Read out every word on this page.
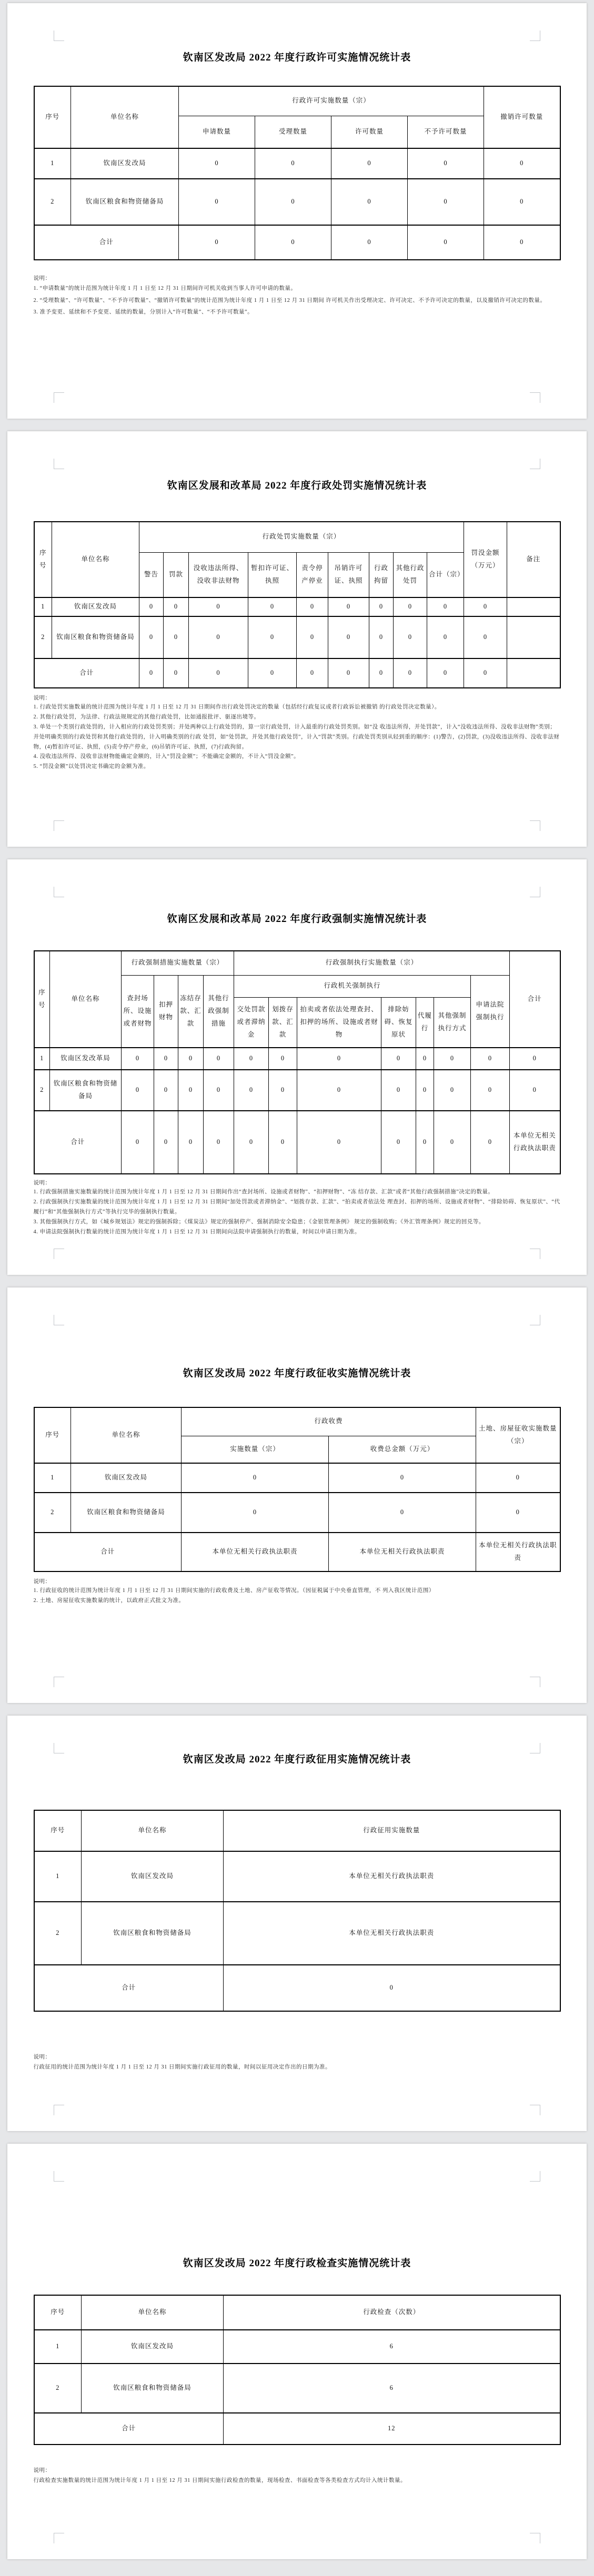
钦南区发改局 2022 年度行政许可实施情况统计表
序号	单位名称	行政许可实施数量（宗）				撤销许可数量
		申请数量	受理数量	许可数量	不予许可数量	
1	钦南区发改局	0	0	0	0	0
2	钦南区粮食和物资储备局	0	0	0	0	0
合计		0	0	0	0	0
说明：
1. “申请数量”的统计范围为统计年度 1 月 1 日至 12 月 31 日期间许可机关收到当事人许可申请的数量。
2. “受理数量”、“许可数量”、“不予许可数量”、“撤销许可数量”的统计范围为统计年度 1 月 1 日至 12 月 31 日期间 许可机关作出受理决定、许可决定、不予许可决定的数量，以及撤销许可决定的数量。
3. 准予变更、延续和不予变更、延续的数量，分别计入“许可数量”、“不予许可数量”。
钦南区发展和改革局 2022 年度行政处罚实施情况统计表
序号	单位名称	行政处罚实施数量（宗）									罚没金额（万元）	备注
		警告	罚款	没收违法所得、没收非法财物	暂扣许可证、执照	责令停产停业	吊销许可证、执照	行政拘留	其他行政处罚	合计（宗）		
1	钦南区发改局	0	0	0	0	0	0	0	0	0	0	
2	钦南区粮食和物资储备局	0	0	0	0	0	0	0	0	0	0	
合计		0	0	0	0	0	0	0	0	0	0	
说明：
1. 行政处罚实施数量的统计范围为统计年度 1 月 1 日至 12 月 31 日期间作出行政处罚决定的数量（包括经行政复议或者行政诉讼被撤销 的行政处罚决定数量）。
2. 其他行政处罚，为法律、行政法规规定的其他行政处罚，比如通报批评、驱逐出境等。
3. 单处一个类别行政处罚的，计入相应的行政处罚类别；并处两种以上行政处罚的，算一宗行政处罚，计入最重的行政处罚类别。如“没 收违法所得，并处罚款”，计入“没收违法所得、没收非法财物”类别；并处明确类别的行政处罚和其他行政处罚的，计入明确类别的行政 处罚，如“处罚款，并处其他行政处罚”，计入“罚款”类别。行政处罚类别从轻到重的顺序：(1)警告，(2)罚款，(3)没收违法所得、没收非法财物，(4)暂扣许可证、执照，(5)责令停产停业，(6)吊销许可证、执照，(7)行政拘留。
4. 没收违法所得、没收非法财物能确定金额的，计入“罚没金额”；不能确定金额的，不计入“罚没金额”。
5. “罚没金额”以处罚决定书确定的金额为准。
钦南区发展和改革局 2022 年度行政强制实施情况统计表
序号	单位名称	行政强制措施实施数量（宗）				行政强制执行实施数量（宗）							合计
		查封场所、设施或者财物	扣押财物	冻结存款、汇款	其他行政强制措施	行政机关强制执行						申请法院强制执行	
						交处罚款或者滞纳金	划拨存款、汇款	拍卖或者依法处理查封、扣押的场所、设施或者财物	排除妨碍、恢复原状	代履行	其他强制执行方式		
1	钦南区发改革局	0	0	0	0	0	0	0	0	0	0	0	0
2	钦南区粮食和物资储备局	0	0	0	0	0	0	0	0	0	0	0	0
合计		0	0	0	0	0	0	0	0	0	0	0	本单位无相关行政执法职责
说明：
1. 行政强制措施实施数量的统计范围为统计年度 1 月 1 日至 12 月 31 日期间作出“查封场所、设施或者财物”、“扣押财物”、“冻 结存款、汇款”或者“其他行政强制措施”决定的数量。
2. 行政强制执行实施数量的统计范围为统计年度 1 月 1 日至 12 月 31 日期间“加处罚款或者滞纳金”、“划拨存款、汇款”、“拍卖或者依法处 理查封、扣押的场所、设施或者财物”、“排除妨碍、恢复原状”、“代履行”和“其他强制执行方式”等执行完毕的强制执行数量。
3. 其他强制执行方式，如《城乡规划法》规定的强制拆除；《煤炭法》规定的强制停产、强制消除安全隐患；《金银管理条例》 规定的强制收购；《外汇管理条例》规定的回兑等。
4. 申请法院强制执行数量的统计范围为统计年度 1 月 1 日至 12 月 31 日期间向法院申请强制执行的数量，时间以申请日期为准。
钦南区发改局 2022 年度行政征收实施情况统计表
序号	单位名称	行政收费		土地、房屋征收实施数量（宗）
		实施数量（宗）	收费总金额（万元）	
1	钦南区发改局	0	0	0
2	钦南区粮食和物资储备局	0	0	0
合计		本单位无相关行政执法职责	本单位无相关行政执法职责	本单位无相关行政执法职责
说明：
1. 行政征收的统计范围为统计年度 1 月 1 日至 12 月 31 日期间实施的行政收费及土地、房产征收等情况。（因征税属于中央垂直管理，不 列入我区统计范围）
2. 土地、房屋征收实施数量的统计，以政府正式批文为准。
钦南区发改局 2022 年度行政征用实施情况统计表
序号	单位名称	行政征用实施数量
1	钦南区发改局	本单位无相关行政执法职责
2	钦南区粮食和物资储备局	本单位无相关行政执法职责
合计		0
说明：
行政征用的统计范围为统计年度 1 月 1 日至 12 月 31 日期间实施行政征用的数量，时间以征用决定作出的日期为准。
钦南区发改局 2022 年度行政检查实施情况统计表
序号	单位名称	行政检查（次数）
1	钦南区发改局	6
2	钦南区粮食和物资储备局	6
合计		12
说明：
行政检查实施数量的统计范围为统计年度 1 月 1 日至 12 月 31 日期间实施行政检查的数量，现场检查、书面检查等各类检查方式均计入统计数量。
